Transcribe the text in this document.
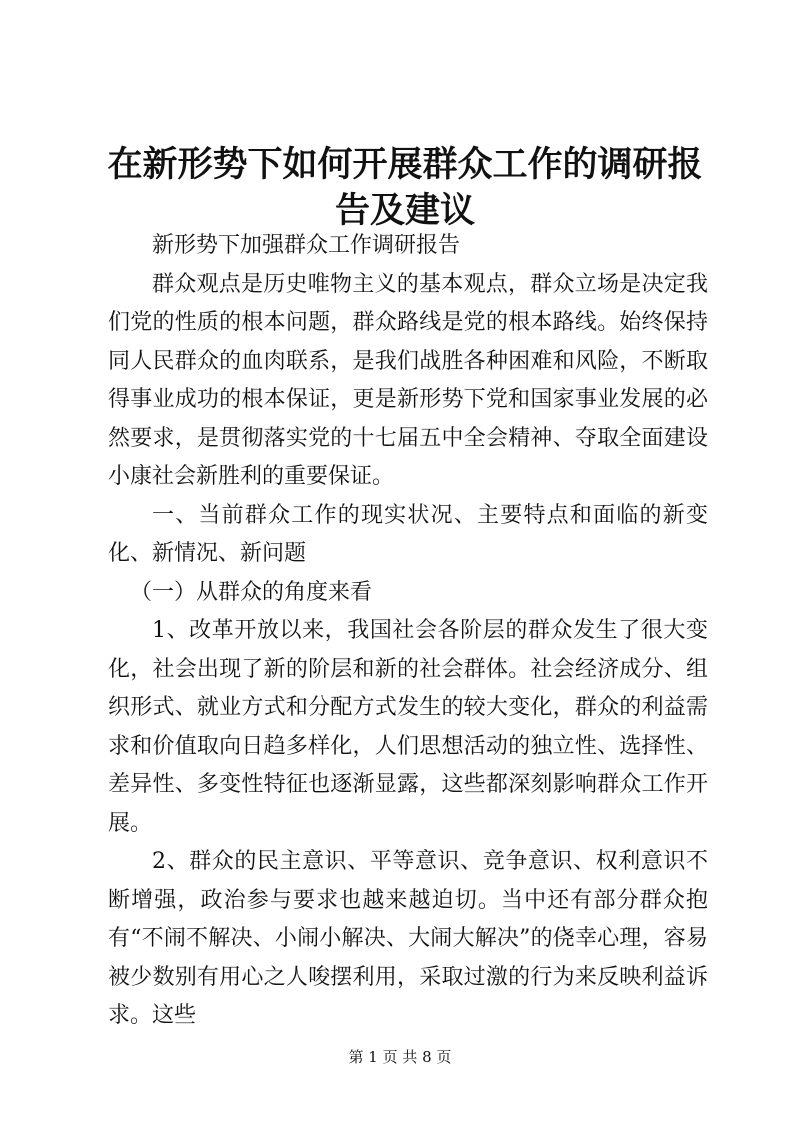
在新形势下如何开展群众工作的调研报告及建议

新形势下加强群众工作调研报告

群众观点是历史唯物主义的基本观点，群众立场是决定我们党的性质的根本问题，群众路线是党的根本路线。始终保持同人民群众的血肉联系，是我们战胜各种困难和风险，不断取得事业成功的根本保证，更是新形势下党和国家事业发展的必然要求，是贯彻落实党的十七届五中全会精神、夺取全面建设小康社会新胜利的重要保证。

一、当前群众工作的现实状况、主要特点和面临的新变化、新情况、新问题

（一）从群众的角度来看

1、改革开放以来，我国社会各阶层的群众发生了很大变化，社会出现了新的阶层和新的社会群体。社会经济成分、组织形式、就业方式和分配方式发生的较大变化，群众的利益需求和价值取向日趋多样化，人们思想活动的独立性、选择性、差异性、多变性特征也逐渐显露，这些都深刻影响群众工作开展。

2、群众的民主意识、平等意识、竞争意识、权利意识不断增强，政治参与要求也越来越迫切。当中还有部分群众抱有“不闹不解决、小闹小解决、大闹大解决”的侥幸心理，容易被少数别有用心之人唆摆利用，采取过激的行为来反映利益诉求。这些

第 1 页 共 8 页
